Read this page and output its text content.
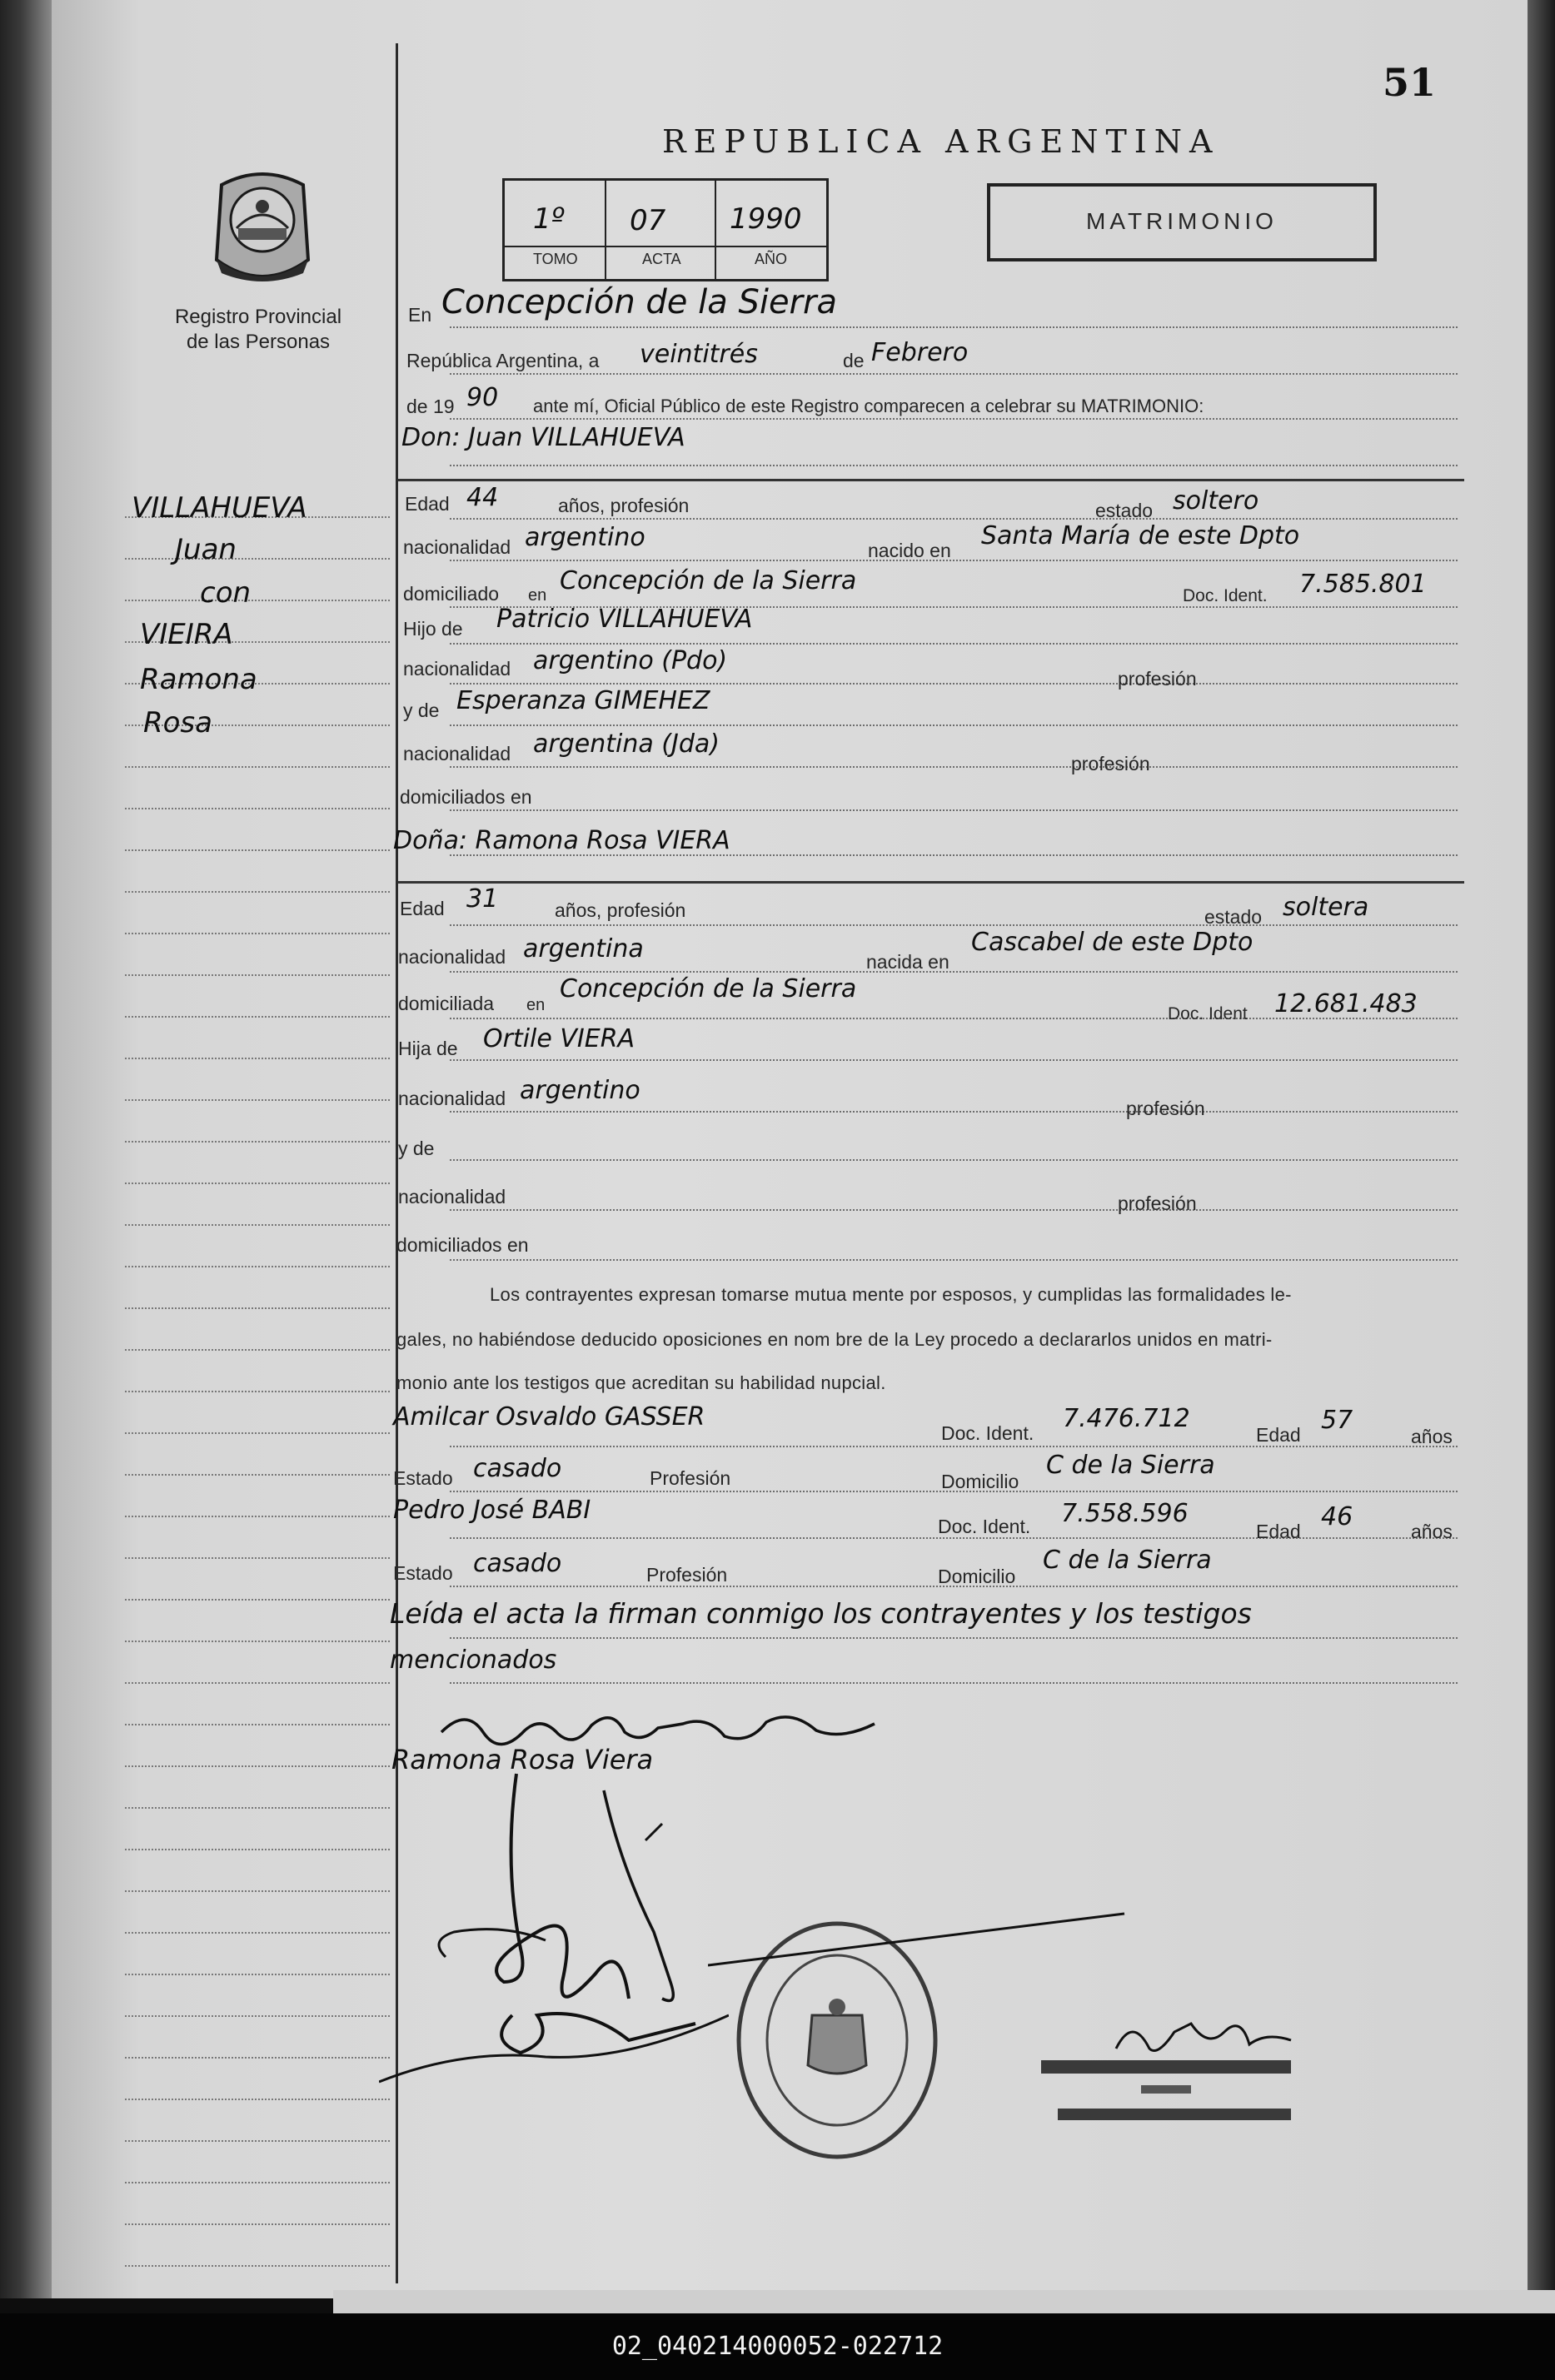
51
REPUBLICA ARGENTINA
1º 07 1990
TOMO	ACTA	AÑO
MATRIMONIO
Registro Provincial
de las Personas
VILLAHUEVA
Juan
con
VIEIRA
Ramona
Rosa
En Concepción de la Sierra
República Argentina, a veintitrés	de Febrero
de 19 90 ante mí, Oficial Público de este Registro comparecen a celebrar su MATRIMONIO:
Don: Juan VILLAHUEVA
Edad 44	años, profesión	estado soltero
nacionalidad argentino	nacido en Santa María de este Dpto
domiciliado en Concepción de la Sierra
Doc. Ident. 7.585.801
Hijo de Patricio VILLAHUEVA
nacionalidad argentino (Pdo)
profesión
y de Esperanza GIMEHEZ
nacionalidad argentina (Jda)
profesión
domiciliados en
Doña: Ramona Rosa VIERA
Edad 31	años, profesión	estado soltera
nacionalidad argentina	nacida en
Cascabel de este Dpto
domiciliada en
Concepción de la Sierra
Doc. Ident 12.681.483
Hija de Ortile VIERA
nacionalidad argentino
profesión
y de
nacionalidad	profesión
domiciliados en
Los contrayentes expresan tomarse mutua mente por esposos, y cumplidas las formalidades le-
gales, no habiéndose deducido oposiciones en nom bre de la Ley procedo a declararlos unidos en matri-
monio ante los testigos que acreditan su habilidad nupcial.
Amilcar Osvaldo GASSER
Doc. Ident. 7.476.712
Edad 57
años
Estado casado	Profesión	Domicilio
C de la Sierra
Pedro José BABI
Doc. Ident. 7.558.596
Edad 46	años
Estado casado	Profesión	Domicilio
C de la Sierra
Leída el acta la firman conmigo los contrayentes y los testigos
mencionados
Ramona Rosa Viera
02_040214000052-022712
